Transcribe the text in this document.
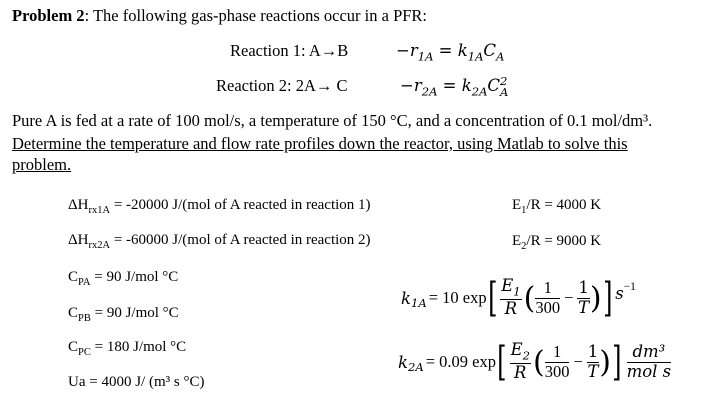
Problem 2: The following gas-phase reactions occur in a PFR:
Reaction 1: A→B	$-r_{1A} = k_{1A}C_A$
Reaction 2: 2A→ C	$-r_{2A} = k_{2A}C$ 2
A
Pure A is fed at a rate of 100 mol/s, a temperature of 150 °C, and a concentration of 0.1 mol/dm³.
Determine the temperature and flow rate profiles down the reactor, using Matlab to solve this
problem.
$\Delta H_{rx1A} = -20000$ J/(mol of A reacted in reaction 1)
$\Delta H_{rx2A} = -60000$ J/(mol of A reacted in reaction 2)
$C_{PA} = 90$ J/mol °C
$C_{PB} = 90$ J/mol °C
$C_{PC} = 180$ J/mol °C
Ua = 4000 J/ (m³ s °C)
$E_1/R = 4000$ K
$E_2/R = 9000$ K
$k_{1A} = 10$ exp [ $\frac{E_1}{R}$ ( $\frac{1}{300} - \frac{1}{T}$ ) ] $s^{-1}$
$k_{2A} = 0.09$ exp [ $\frac{E_2}{R}$ ( $\frac{1}{300} - \frac{1}{T}$ ) ] $\frac{\text{dm³}}{\text{mol s}}$
